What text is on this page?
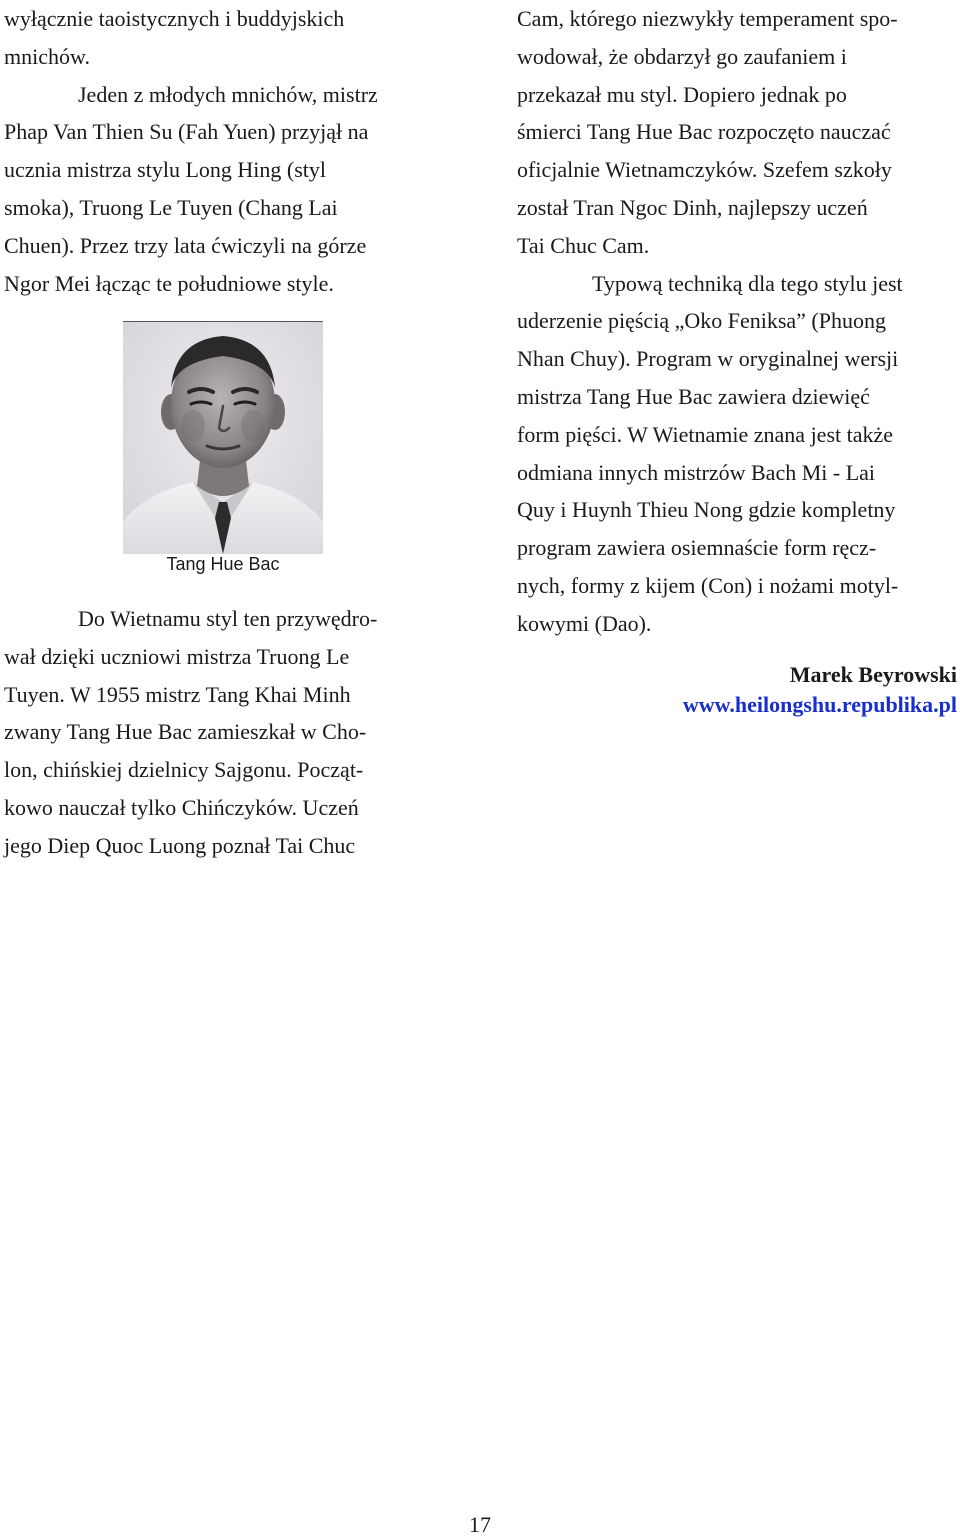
wyłącznie taoistycznych i buddyjskich
mnichów.
Jeden z młodych mnichów, mistrz
Phap Van Thien Su (Fah Yuen) przyjął na
ucznia mistrza stylu Long Hing (styl
smoka), Truong Le Tuyen (Chang Lai
Chuen). Przez trzy lata ćwiczyli na górze
Ngor Mei łącząc te południowe style.
Tang Hue Bac
Do Wietnamu styl ten przywędro-
wał dzięki uczniowi mistrza Truong Le
Tuyen. W 1955 mistrz Tang Khai Minh
zwany Tang Hue Bac zamieszkał w Cho-
lon, chińskiej dzielnicy Sajgonu. Począt-
kowo nauczał tylko Chińczyków. Uczeń
jego Diep Quoc Luong poznał Tai Chuc
Cam, którego niezwykły temperament spo-
wodował, że obdarzył go zaufaniem i
przekazał mu styl. Dopiero jednak po
śmierci Tang Hue Bac rozpoczęto nauczać
oficjalnie Wietnamczyków. Szefem szkoły
został Tran Ngoc Dinh, najlepszy uczeń
Tai Chuc Cam.
Typową techniką dla tego stylu jest
uderzenie pięścią „Oko Feniksa” (Phuong
Nhan Chuy). Program w oryginalnej wersji
mistrza Tang Hue Bac zawiera dziewięć
form pięści. W Wietnamie znana jest także
odmiana innych mistrzów Bach Mi - Lai
Quy i Huynh Thieu Nong gdzie kompletny
program zawiera osiemnaście form ręcz-
nych, formy z kijem (Con) i nożami motyl-
kowymi (Dao).
Marek Beyrowski
www.heilongshu.republika.pl
17
